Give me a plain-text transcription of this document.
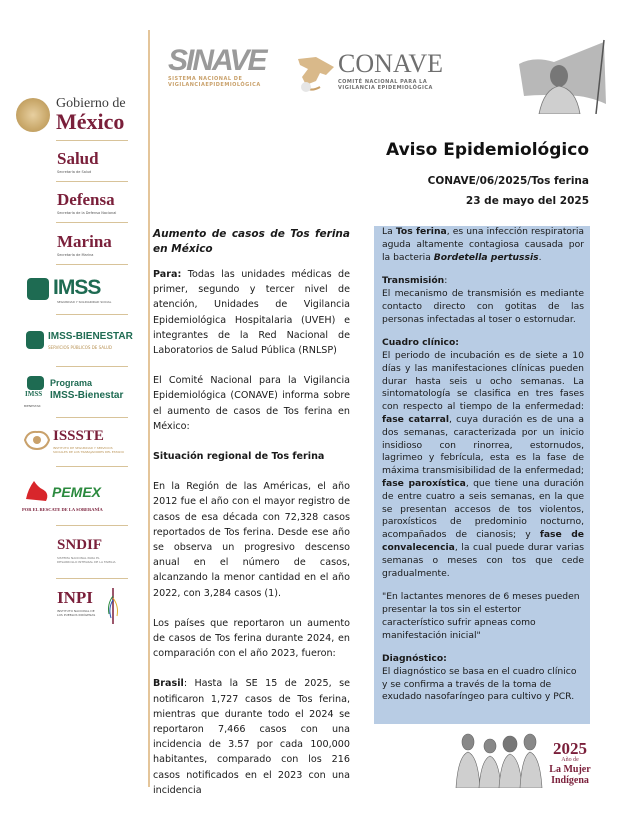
Gobierno de
México
Salud
Secretaría de Salud
Defensa
Secretaría de la Defensa Nacional
Marina
Secretaría de Marina
IMSS
SEGURIDAD Y SOLIDARIDAD SOCIAL
IMSS-BIENESTAR
SERVICIOS PÚBLICOS DE SALUD
IMSS
Programa
IMSS-Bienestar
BIENESTAR
ISSSTE
INSTITUTO DE SEGURIDAD Y SERVICIOS SOCIALES DE LOS TRABAJADORES DEL ESTADO
PEMEX
POR EL RESCATE DE LA SOBERANÍA
SNDIF
SISTEMA NACIONAL PARA EL DESARROLLO INTEGRAL DE LA FAMILIA
INPI
INSTITUTO NACIONAL DE LOS PUEBLOS INDÍGENAS
SINAVE
SISTEMA NACIONAL DE
VIGILANCIAEPIDEMIOLÓGICA
CONAVE
COMITÉ NACIONAL PARA LA
VIGILANCIA EPIDEMIOLÓGICA
Aviso Epidemiológico
CONAVE/06/2025/Tos ferina
23 de mayo del 2025

Aumento de casos de Tos ferina en México

Para: Todas las unidades médicas de primer, segundo y tercer nivel de atención, Unidades de Vigilancia Epidemiológica Hospitalaria (UVEH) e integrantes de la Red Nacional de Laboratorios de Salud Pública (RNLSP)

El Comité Nacional para la Vigilancia Epidemiológica (CONAVE) informa sobre el aumento de casos de Tos ferina en México:

Situación regional de Tos ferina

En la Región de las Américas, el año 2012 fue el año con el mayor registro de casos de esa década con 72,328 casos reportados de Tos ferina. Desde ese año se observa un progresivo descenso anual en el número de casos, alcanzando la menor cantidad en el año 2022, con 3,284 casos (1).

Los países que reportaron un aumento de casos de Tos ferina durante 2024, en comparación con el año 2023, fueron:

Brasil: Hasta la SE 15 de 2025, se notificaron 1,727 casos de Tos ferina, mientras que durante todo el 2024 se reportaron 7,466 casos con una incidencia de 3.57 por cada 100,000 habitantes, comparado con los 216 casos notificados en el 2023 con una incidencia

La Tos ferina, es una infección respiratoria aguda altamente contagiosa causada por la bacteria Bordetella pertussis.

Transmisión:
El mecanismo de transmisión es mediante contacto directo con gotitas de las personas infectadas al toser o estornudar.

Cuadro clínico:
El periodo de incubación es de siete a 10 días y las manifestaciones clínicas pueden durar hasta seis u ocho semanas. La sintomatología se clasifica en tres fases con respecto al tiempo de la enfermedad: fase catarral, cuya duración es de una a dos semanas, caracterizada por un inicio insidioso con rinorrea, estornudos, lagrimeo y febrícula, esta es la fase de máxima transmisibilidad de la enfermedad; fase paroxística, que tiene una duración de entre cuatro a seis semanas, en la que se presentan accesos de tos violentos, paroxísticos de predominio nocturno, acompañados de cianosis; y fase de convalecencia, la cual puede durar varias semanas o meses con tos que cede gradualmente.

"En lactantes menores de 6 meses pueden presentar la tos sin el estertor característico sufrir apneas como manifestación inicial"

Diagnóstico:
El diagnóstico se basa en el cuadro clínico y se confirma a través de la toma de exudado nasofaríngeo para cultivo y PCR.

2025
Año de
La Mujer
Indígena
